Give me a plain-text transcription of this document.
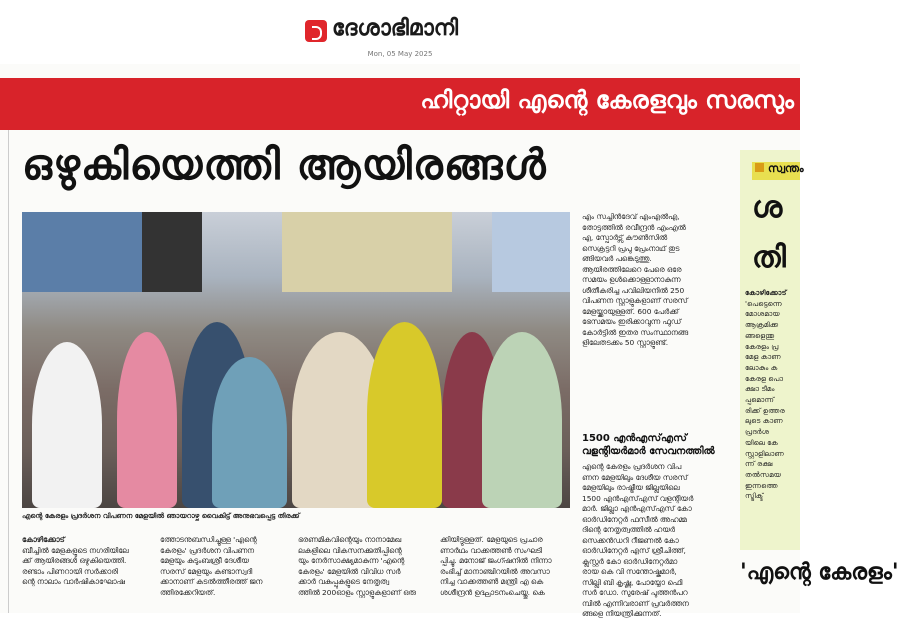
ദേശാഭിമാനി
Mon, 05 May 2025
ഹിറ്റായി എന്റെ കേരളവും സരസും
ഒഴുകിയെത്തി ആയിരങ്ങൾ
എന്റെ കേരളം പ്രദർശന വിപണന മേളയിൽ ഞായറാഴ്ച വൈകിട്ട് അനുഭവപ്പെട്ട തിരക്ക്

കോഴിക്കോട്

ബീച്ചിൽ മേളകളുടെ നഗരിയിലേ

ക്ക് ആയിരങ്ങൾ ഒഴുകിയെത്തി.

രണ്ടാം പിണറായി സർക്കാരി

ന്റെ നാലാം വാർഷികാഘോഷ

ത്തോടനുബന്ധിച്ചുള്ള 'എന്റെ

കേരളം' പ്രദർശന വിപണന

മേളയും കുടുംബശ്രീ ദേശീയ

സരസ് മേളയും കണ്ടാസ്വദി

ക്കാനാണ് കടൽത്തീരത്ത് ജന

ത്തിരക്കേറിയത്.

ഭരണമികവിന്റെയും നാനാമേഖ

ലകളിലെ വികസനക്കുതിപ്പിന്റെ

യും നേർസാക്ഷ്യമാകുന്ന 'എന്റെ

കേരളം' മേളയിൽ വിവിധ സർ

ക്കാർ വകുപ്പുകളുടെ നേതൃത്വ

ത്തിൽ 200ഓളം സ്റ്റാളുകളാണ് ഒരു

ക്കിയിട്ടുള്ളത്. മേളയുടെ പ്രചാര

ണാർഥം വാക്കത്തൺ സംഘടി

പ്പിച്ചു. മനോജ് ജംഗ്ഷനിൽ നിന്നാ

രംഭിച്ച് മാനാഞ്ചിറയിൽ അവസാ

നിച്ച വാക്കത്തൺ മന്ത്രി എ കെ

ശശീന്ദ്രൻ ഉദ്ഘാടനംചെയ്തു. കെ

എം സച്ചിൻദേവ് എംഎൽഎ,

തോട്ടത്തിൽ രവീന്ദ്രൻ എംഎൽ

എ, സ്പോർട്സ് കൗൺസിൽ

സെക്രട്ടറി പ്രപു പ്രേംനാഥ് തുട

ങ്ങിയവർ പങ്കെടുത്തു.

ആയിരത്തിലേറെ പേരെ ഒരേ

സമയം ഉൾക്കൊള്ളാനാകുന്ന

ശീതീകരിച്ച പവിലിയനിൽ 250

വിപണന സ്റ്റാളുകളാണ് സരസ്

മേളയ്ക്കായുള്ളത്. 600 പേർക്ക്

ഭേസമയം ഇരിക്കാവുന്ന ഫുഡ്

കോർട്ടിൽ ഇതര സംസ്ഥാനങ്ങ

ളിലേതടക്കം 50 സ്റ്റാളുണ്ട്.

1500 എൻഎസ്എസ് വളന്റിയർമാർ സേവനത്തിൽ

എന്റെ കേരളം പ്രദർശന വിപ

ണന മേളയിലും ദേശീയ സരസ്

മേളയിലും രാഷ്ട്രീയ ജില്ലയിലെ

1500 എൻഎസ്എസ് വളന്റിയർ

മാർ. ജില്ലാ എൻഎസ്എസ് കോ

ഓർഡിനേറ്റർ ഫസീൽ അഹമ്മ

ദിന്റെ നേതൃത്വത്തിൽ ഹയർ

സെക്കൻഡറി റീജണൽ കോ

ഓർഡിനേറ്റർ എസ് ശ്രീചിത്ത്,

ക്ലസ്റ്റർ കോ ഓർഡിനേറ്റർമാ

രായ കെ വി സന്തോഷ്കുമാർ,

സില്ലി ബി കൃഷ്ണ, പോയ്യോ ഫെി

സർ ഡോ. സുരേഷ് പുത്തൻപറ

മ്പിൽ എന്നിവരാണ് പ്രവർത്തന

ങ്ങളെ നിയന്ത്രിക്കുന്നത്.

സ്വന്തം
ശ
തി

കോഴിക്കോട്

'പെട്ടെന്നെ

മോശമായ

ആക്രമിക്ക

ങ്ങളെന്തു

കേരളം പ്ര

മേള കാണ

ലോകും ക

കേരള പൊ

ക്ഷാ ടീമം

പ്പമൊന്ന്

രിക്ക് ഉത്തര

ലുടെ കാണ

പ്രദർശ

യിലെ കേ

സ്റ്റാളിലാണ

ന്ന് രക്ഷ

തൽസമയ

ഇന്നത്തെ

സ്ട്രിക്ട്

'എന്റെ കേരളം'
